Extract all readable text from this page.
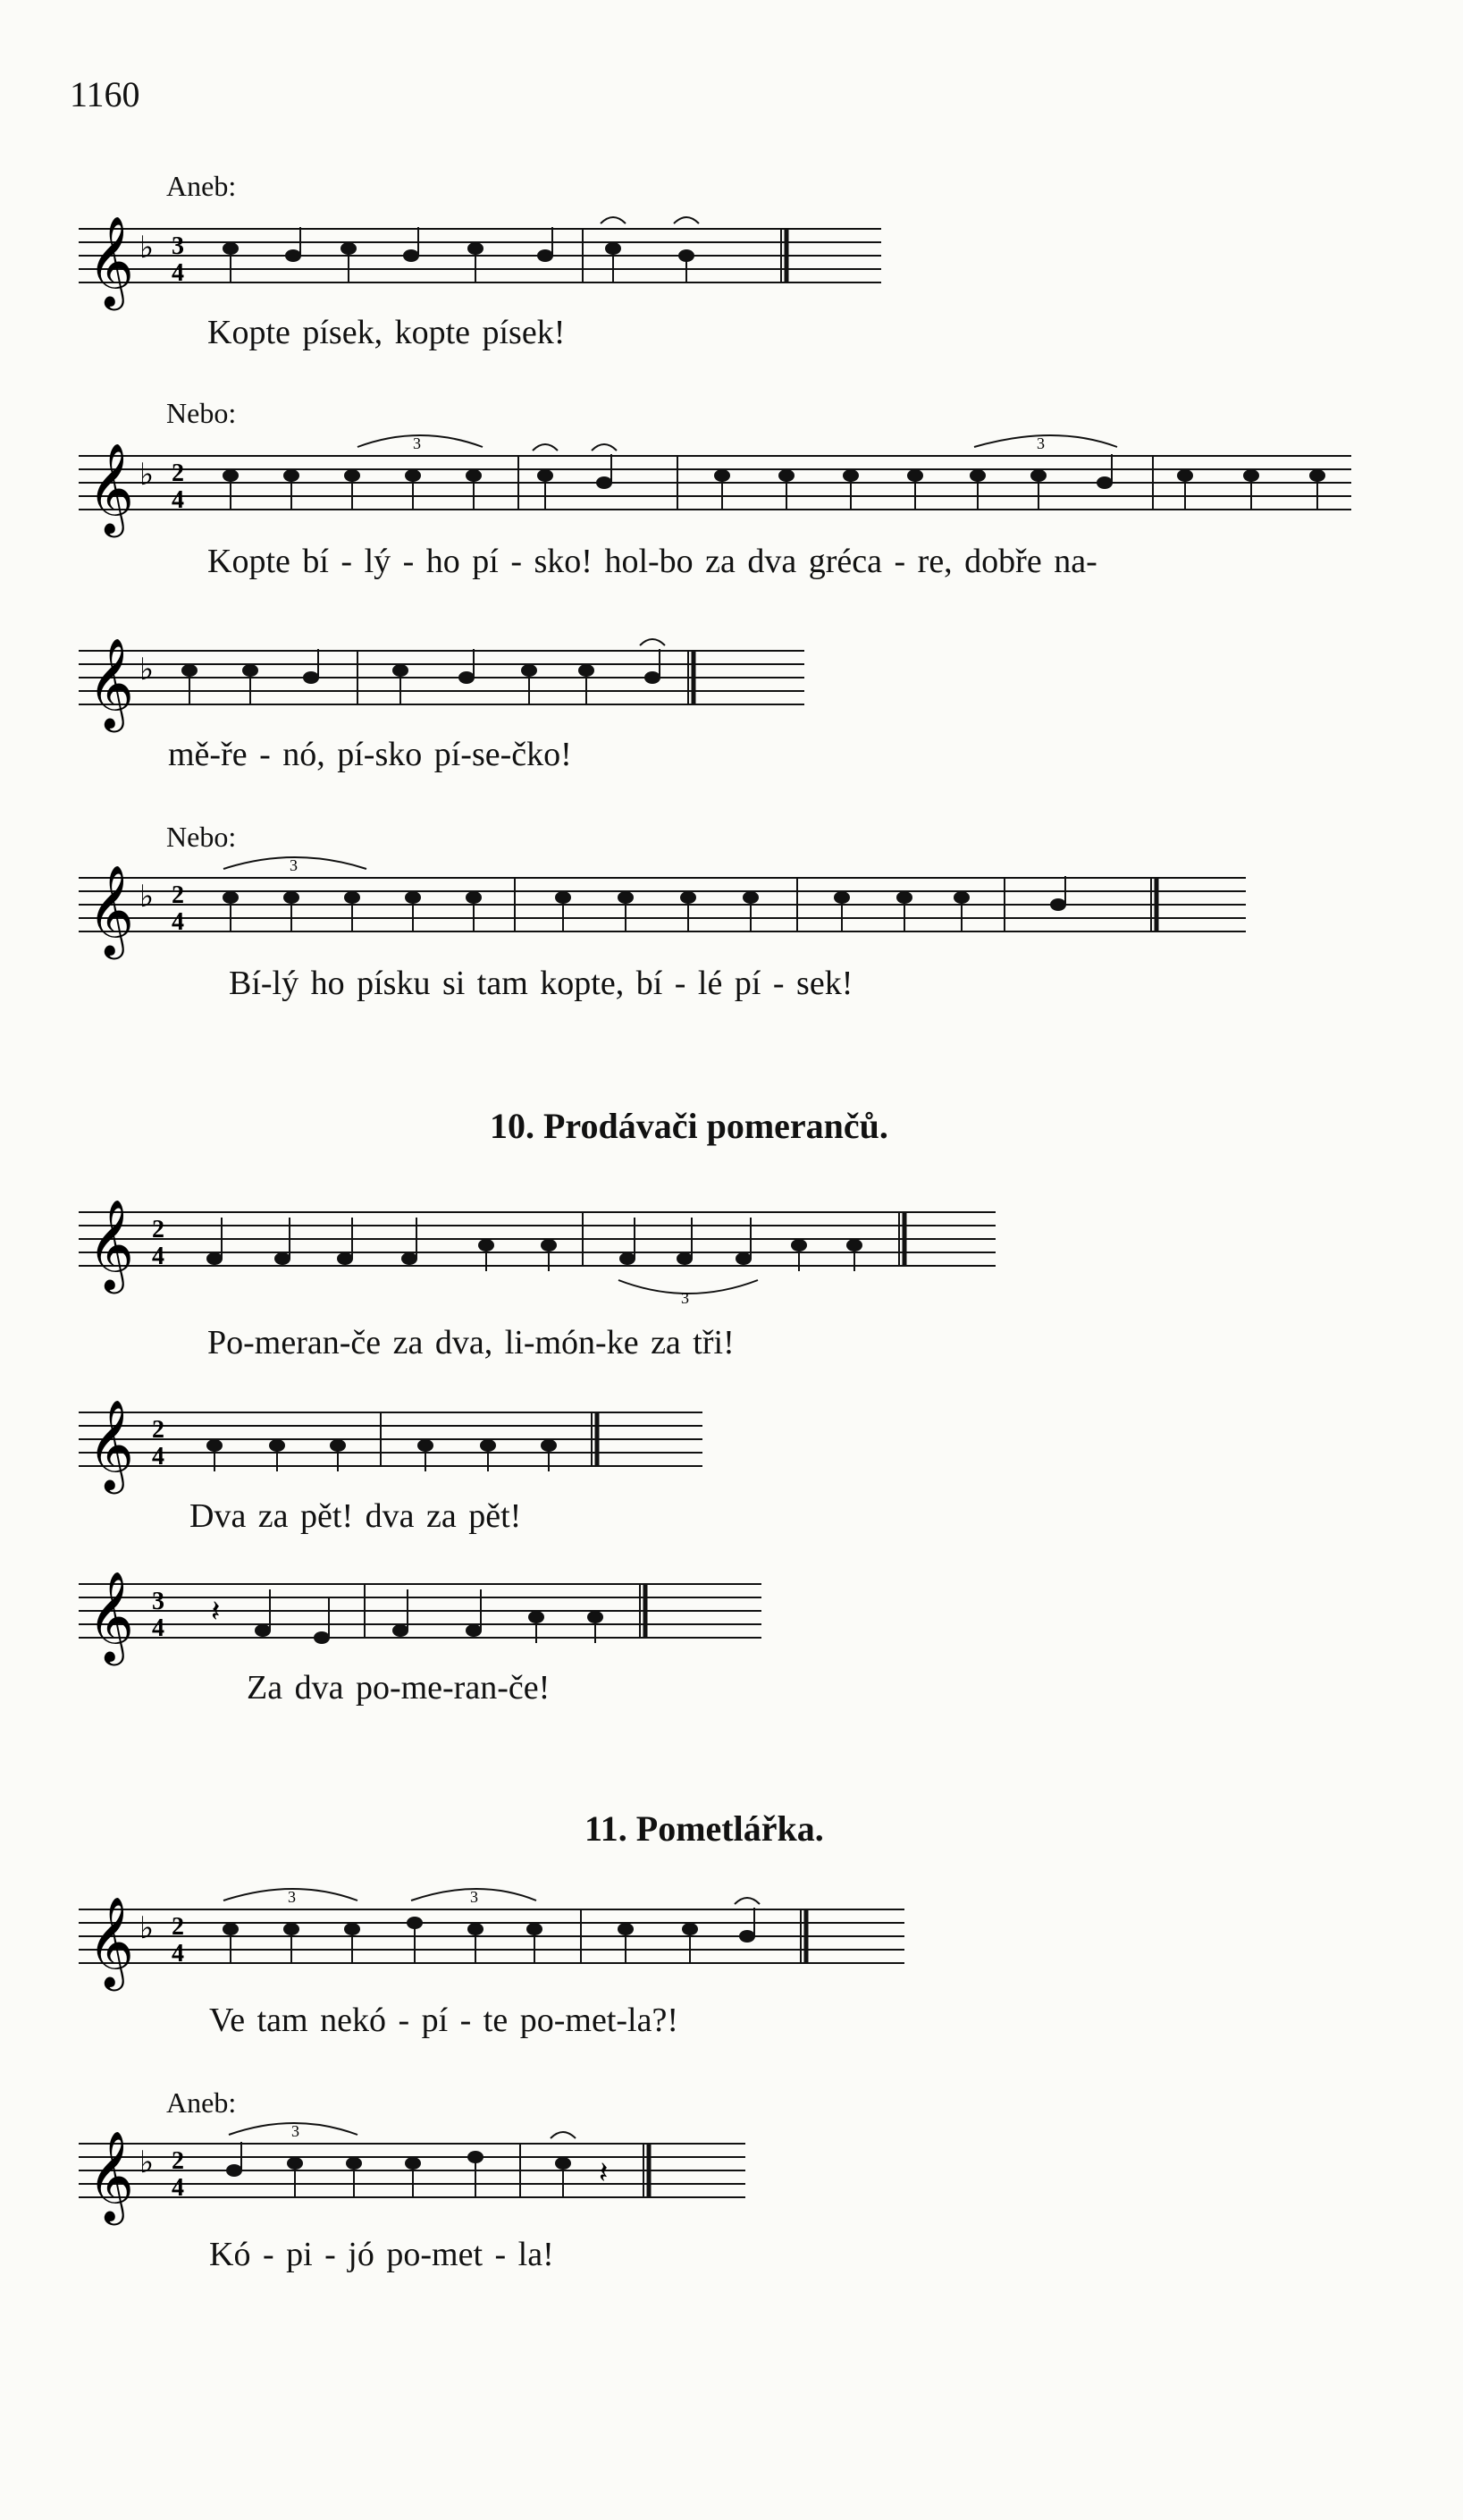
1160
Aneb:
𝄞 ♭ 3
4
Kopte písek, kopte písek!
Nebo:
𝄞 ♭ 2
4
3	3
Kopte bí - lý - ho pí - sko! hol-bo za dva gréca - re, dobře na-
𝄞 ♭
mě-ře - nó, pí-sko pí-se-čko!
Nebo:
𝄞 ♭ 2
4
3
Bí-lý ho písku si tam kopte, bí - lé pí - sek!
10. Prodávači pomerančů.
𝄞 2
4
3
Po-meran-če za dva, li-món-ke za tři!
𝄞 2
4
Dva za pět! dva za pět!
𝄞 3
4 𝄽
Za dva po-me-ran-če!
11. Pometlářka.
𝄞 ♭ 2
4
3	3
Ve tam nekó - pí - te po-met-la?!
Aneb:
𝄞 ♭ 2
4
3
𝄽
Kó - pi - jó po-met - la!
